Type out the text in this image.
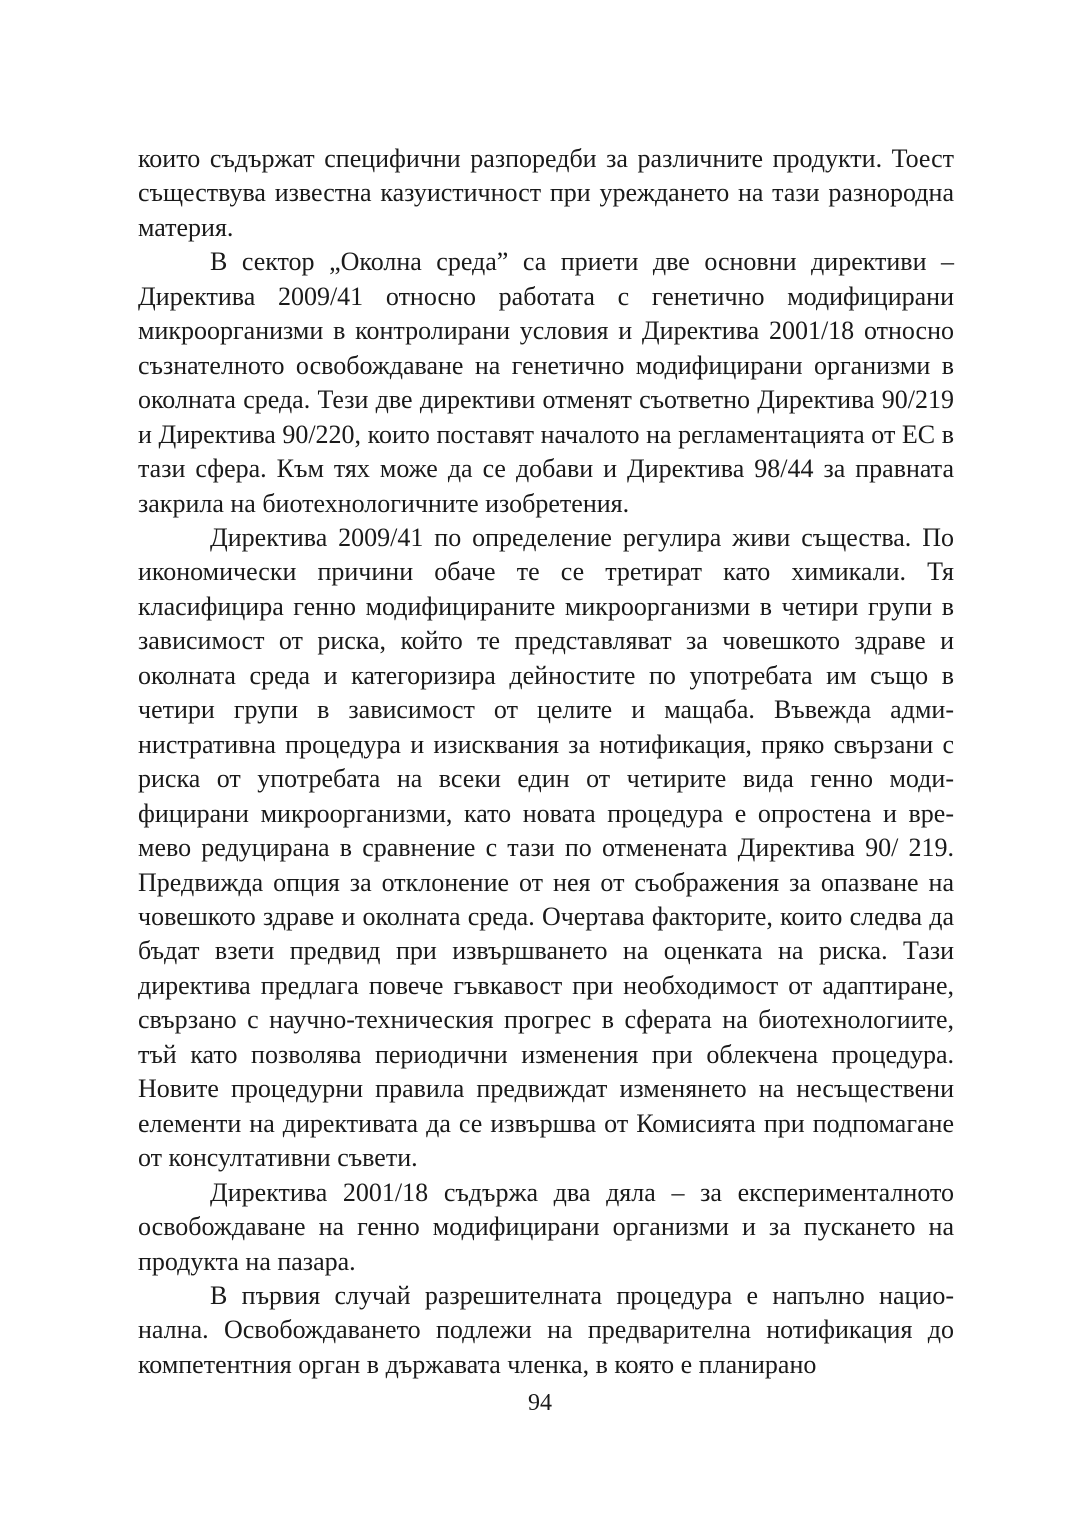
които съдържат специфични разпоредби за различните продукти. Тоест съществува известна казуистичност при уреждането на тази разнородна материя.

В сектор „Околна среда” са приети две основни директиви – Директива 2009/41 относно работата с генетично модифицирани микроорганизми в контролирани условия и Директива 2001/18 относно съзнателното освобождаване на генетично модифицирани организми в околната среда. Тези две директиви отменят съответно Директива 90/219 и Директива 90/220, които поставят началото на регламентацията от ЕС в тази сфера. Към тях може да се добави и Директива 98/44 за правната закрила на биотехнологичните изобретения.

Директива 2009/41 по определение регулира живи същества. По икономически причини обаче те се третират като химикали. Тя класифицира генно модифицираните микроорганизми в четири групи в зависимост от риска, който те представляват за човешкото здраве и околната среда и категоризира дейностите по употребата им също в четири групи в зависимост от целите и мащаба. Въвежда административна процедура и изисквания за нотификация, пряко свързани с риска от употребата на всеки един от четирите вида генно модифицирани микроорганизми, като новата процедура е опростена и времево редуцирана в сравнение с тази по отменената Директива 90/ 219. Предвижда опция за отклонение от нея от съображения за опазване на човешкото здраве и околната среда. Очертава факторите, които следва да бъдат взети предвид при извършването на оценката на риска. Тази директива предлага повече гъвкавост при необходимост от адаптиране, свързано с научно-техническия прогрес в сферата на биотехнологиите, тъй като позволява периодични изменения при облекчена процедура. Новите процедурни правила предвиждат изменянето на несъществени елементи на директивата да се извършва от Комисията при подпомагане от консултативни съвети.

Директива 2001/18 съдържа два дяла – за експерименталното освобождаване на генно модифицирани организми и за пускането на продукта на пазара.

В първия случай разрешителната процедура е напълно национална. Освобождаването подлежи на предварителна нотификация до компетентния орган в държавата членка, в която е планирано

94
